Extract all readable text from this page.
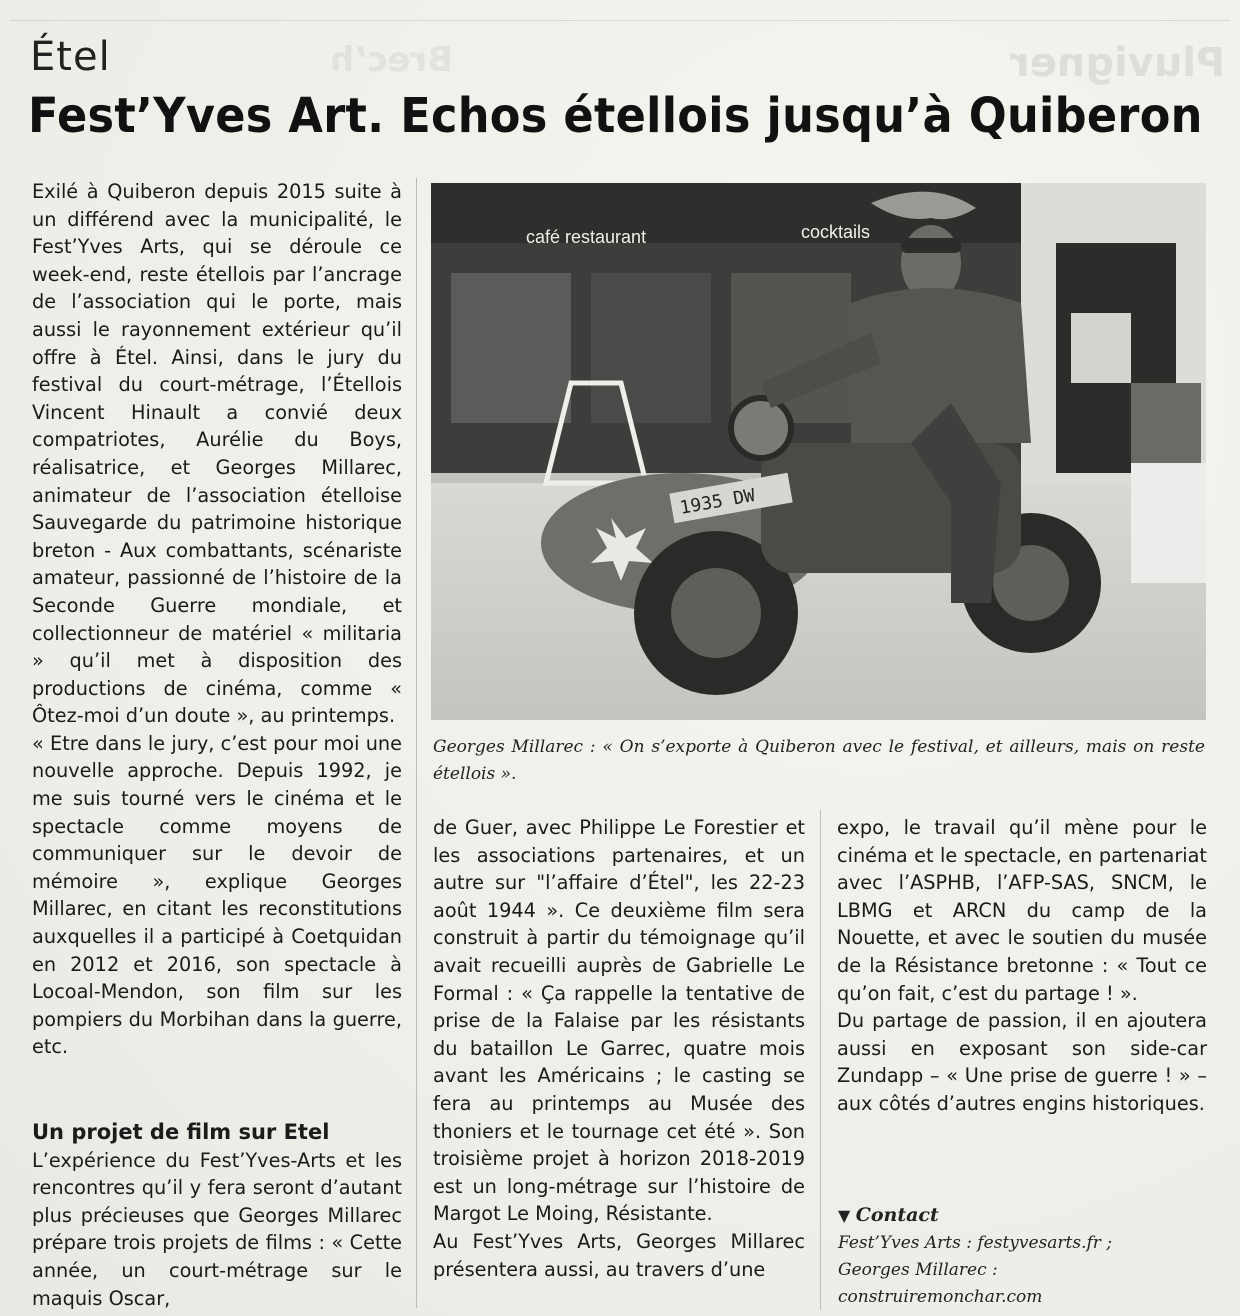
Pluvigner
Brec’h
Étel
Fest’Yves Art. Echos étellois jusqu’à Quiberon

Exilé à Quiberon depuis 2015 suite à un différend avec la municipalité, le Fest’Yves Arts, qui se déroule ce week-end, reste étellois par l’ancrage de l’association qui le porte, mais aussi le rayonnement extérieur qu’il offre à Étel. Ainsi, dans le jury du festival du court-métrage, l’Étellois Vincent Hinault a convié deux compatriotes, Aurélie du Boys, réalisatrice, et Georges Millarec, animateur de l’association ételloise Sauvegarde du patrimoine historique breton - Aux combattants, scénariste amateur, passionné de l’histoire de la Seconde Guerre mondiale, et collectionneur de matériel « militaria » qu’il met à disposition des productions de cinéma, comme « Ôtez-moi d’un doute », au printemps.

« Etre dans le jury, c’est pour moi une nouvelle approche. Depuis 1992, je me suis tourné vers le cinéma et le spectacle comme moyens de communiquer sur le devoir de mémoire », explique Georges Millarec, en citant les reconstitutions auxquelles il a participé à Coetquidan en 2012 et 2016, son spectacle à Locoal-Mendon, son film sur les pompiers du Morbihan dans la guerre, etc.

Un projet de film sur Etel

L’expérience du Fest’Yves-Arts et les rencontres qu’il y fera seront d’autant plus précieuses que Georges Millarec prépare trois projets de films : « Cette année, un court-métrage sur le maquis Oscar,

1935 DW
café restaurant	cocktails
Georges Millarec : « On s’exporte à Quiberon avec le festival, et ailleurs, mais on reste étellois ».

de Guer, avec Philippe Le Forestier et les associations partenaires, et un autre sur "l’affaire d’Étel", les 22-23 août 1944 ». Ce deuxième film sera construit à partir du témoignage qu’il avait recueilli auprès de Gabrielle Le Formal : « Ça rappelle la tentative de prise de la Falaise par les résistants du bataillon Le Garrec, quatre mois avant les Américains ; le casting se fera au printemps au Musée des thoniers et le tournage cet été ». Son troisième projet à horizon 2018-2019 est un long-métrage sur l’histoire de Margot Le Moing, Résistante.

Au Fest’Yves Arts, Georges Millarec présentera aussi, au travers d’une

expo, le travail qu’il mène pour le cinéma et le spectacle, en partenariat avec l’ASPHB, l’AFP-SAS, SNCM, le LBMG et ARCN du camp de la Nouette, et avec le soutien du musée de la Résistance bretonne : « Tout ce qu’on fait, c’est du partage ! ».

Du partage de passion, il en ajoutera aussi en exposant son side-car Zundapp – « Une prise de guerre ! » – aux côtés d’autres engins historiques.

▼ Contact
Fest’Yves Arts : festyvesarts.fr ;
Georges Millarec :
construiremonchar.com
